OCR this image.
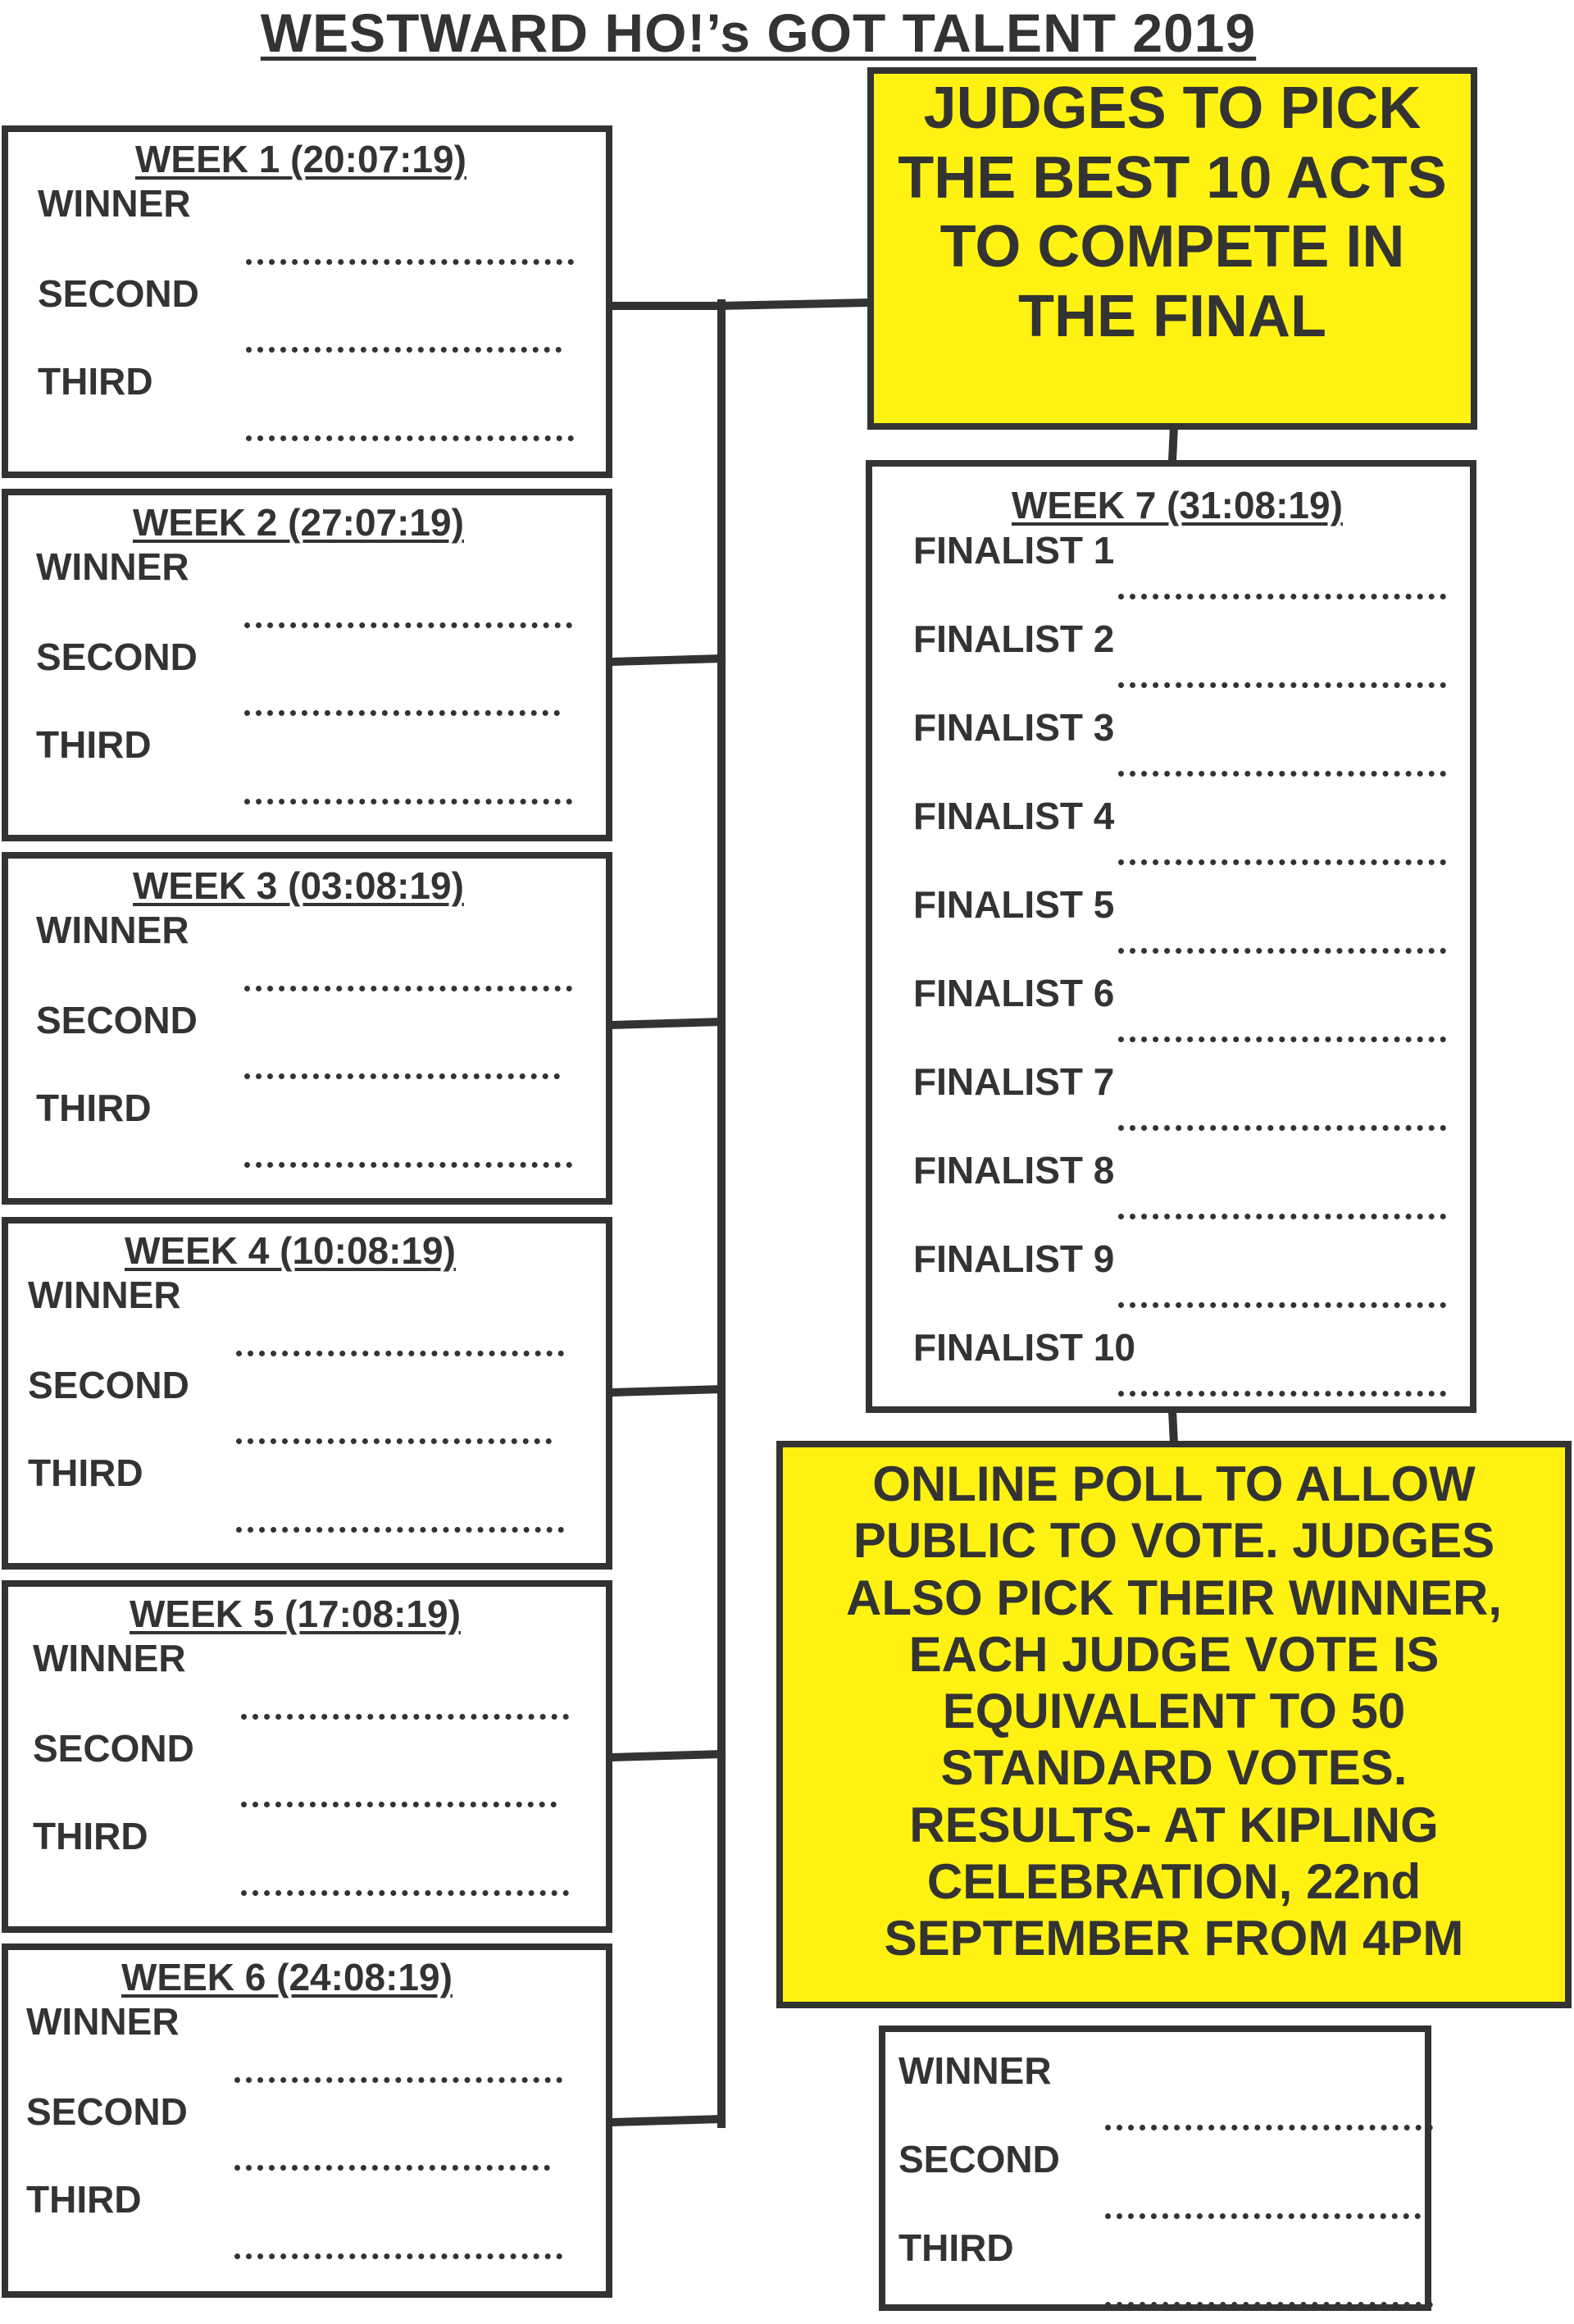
WESTWARD HO!’s GOT TALENT 2019
WEEK 1 (20:07:19)
WINNER
SECOND
THIRD
WEEK 2 (27:07:19)
WINNER
SECOND
THIRD
WEEK 3 (03:08:19)
WINNER
SECOND
THIRD
WEEK 4 (10:08:19)
WINNER
SECOND
THIRD
WEEK 5 (17:08:19)
WINNER
SECOND
THIRD
WEEK 6 (24:08:19)
WINNER
SECOND
THIRD
JUDGES TO PICK THE BEST 10 ACTS TO COMPETE IN THE FINAL
WEEK 7 (31:08:19)
FINALIST 1
FINALIST 2
FINALIST 3
FINALIST 4
FINALIST 5
FINALIST 6
FINALIST 7
FINALIST 8
FINALIST 9
FINALIST 10
ONLINE POLL TO ALLOW PUBLIC TO VOTE. JUDGES ALSO PICK THEIR WINNER, EACH JUDGE VOTE IS EQUIVALENT TO 50 STANDARD VOTES. RESULTS- AT KIPLING CELEBRATION, 22nd SEPTEMBER FROM 4PM
WINNER
SECOND
THIRD
